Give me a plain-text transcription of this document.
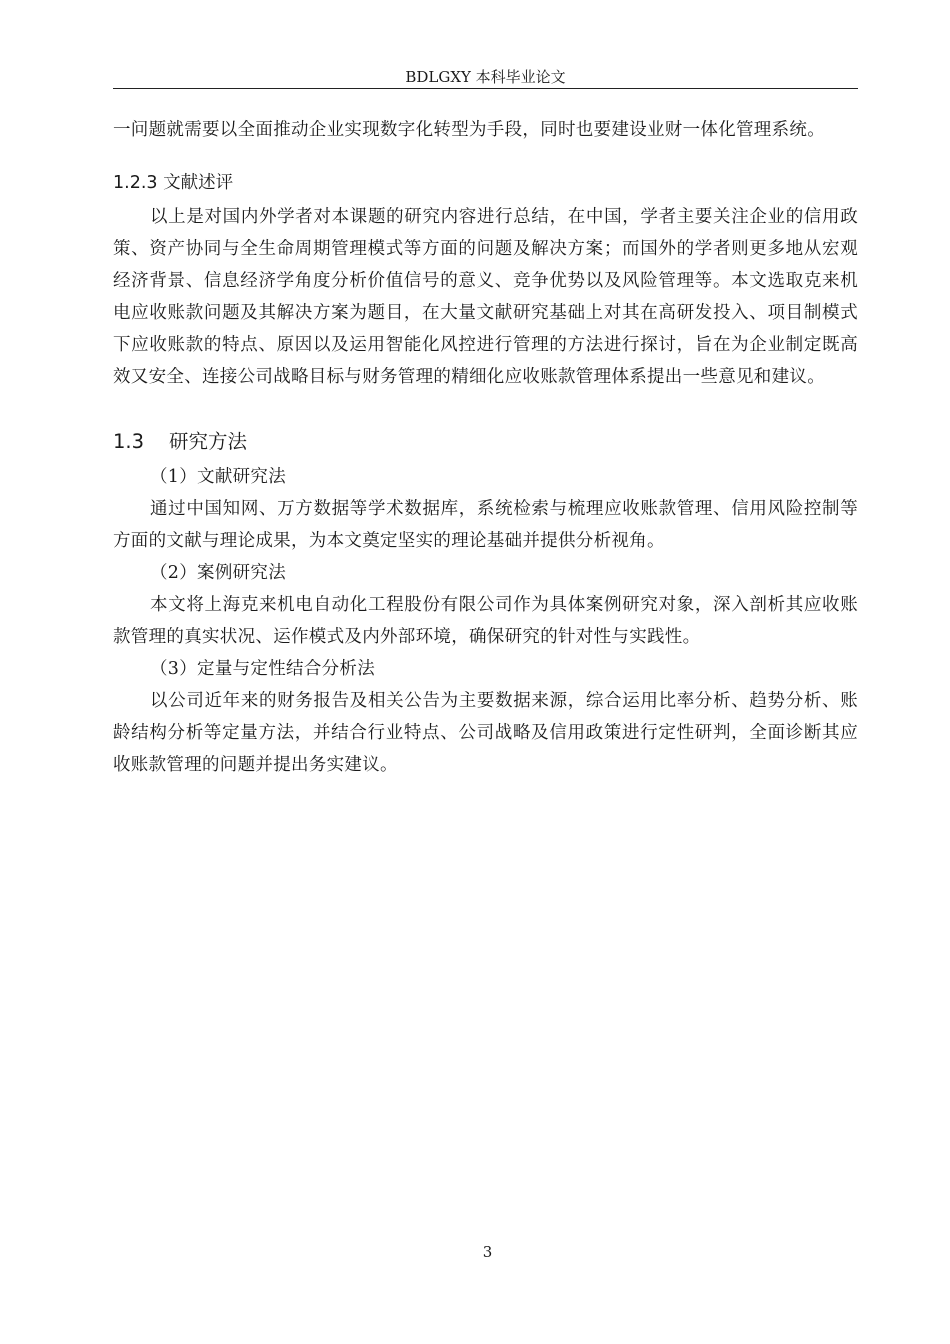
BDLGXY 本科毕业论文

一问题就需要以全面推动企业实现数字化转型为手段，同时也要建设业财一体化管理系统。

1.2.3 文献述评

以上是对国内外学者对本课题的研究内容进行总结，在中国，学者主要关注企业的信用政策、资产协同与全生命周期管理模式等方面的问题及解决方案；而国外的学者则更多地从宏观经济背景、信息经济学角度分析价值信号的意义、竞争优势以及风险管理等。本文选取克来机电应收账款问题及其解决方案为题目，在大量文献研究基础上对其在高研发投入、项目制模式下应收账款的特点、原因以及运用智能化风控进行管理的方法进行探讨，旨在为企业制定既高效又安全、连接公司战略目标与财务管理的精细化应收账款管理体系提出一些意见和建议。

1.3 研究方法

（1）文献研究法

通过中国知网、万方数据等学术数据库，系统检索与梳理应收账款管理、信用风险控制等方面的文献与理论成果，为本文奠定坚实的理论基础并提供分析视角。

（2）案例研究法

本文将上海克来机电自动化工程股份有限公司作为具体案例研究对象，深入剖析其应收账款管理的真实状况、运作模式及内外部环境，确保研究的针对性与实践性。

（3）定量与定性结合分析法

以公司近年来的财务报告及相关公告为主要数据来源，综合运用比率分析、趋势分析、账龄结构分析等定量方法，并结合行业特点、公司战略及信用政策进行定性研判，全面诊断其应收账款管理的问题并提出务实建议。

3
